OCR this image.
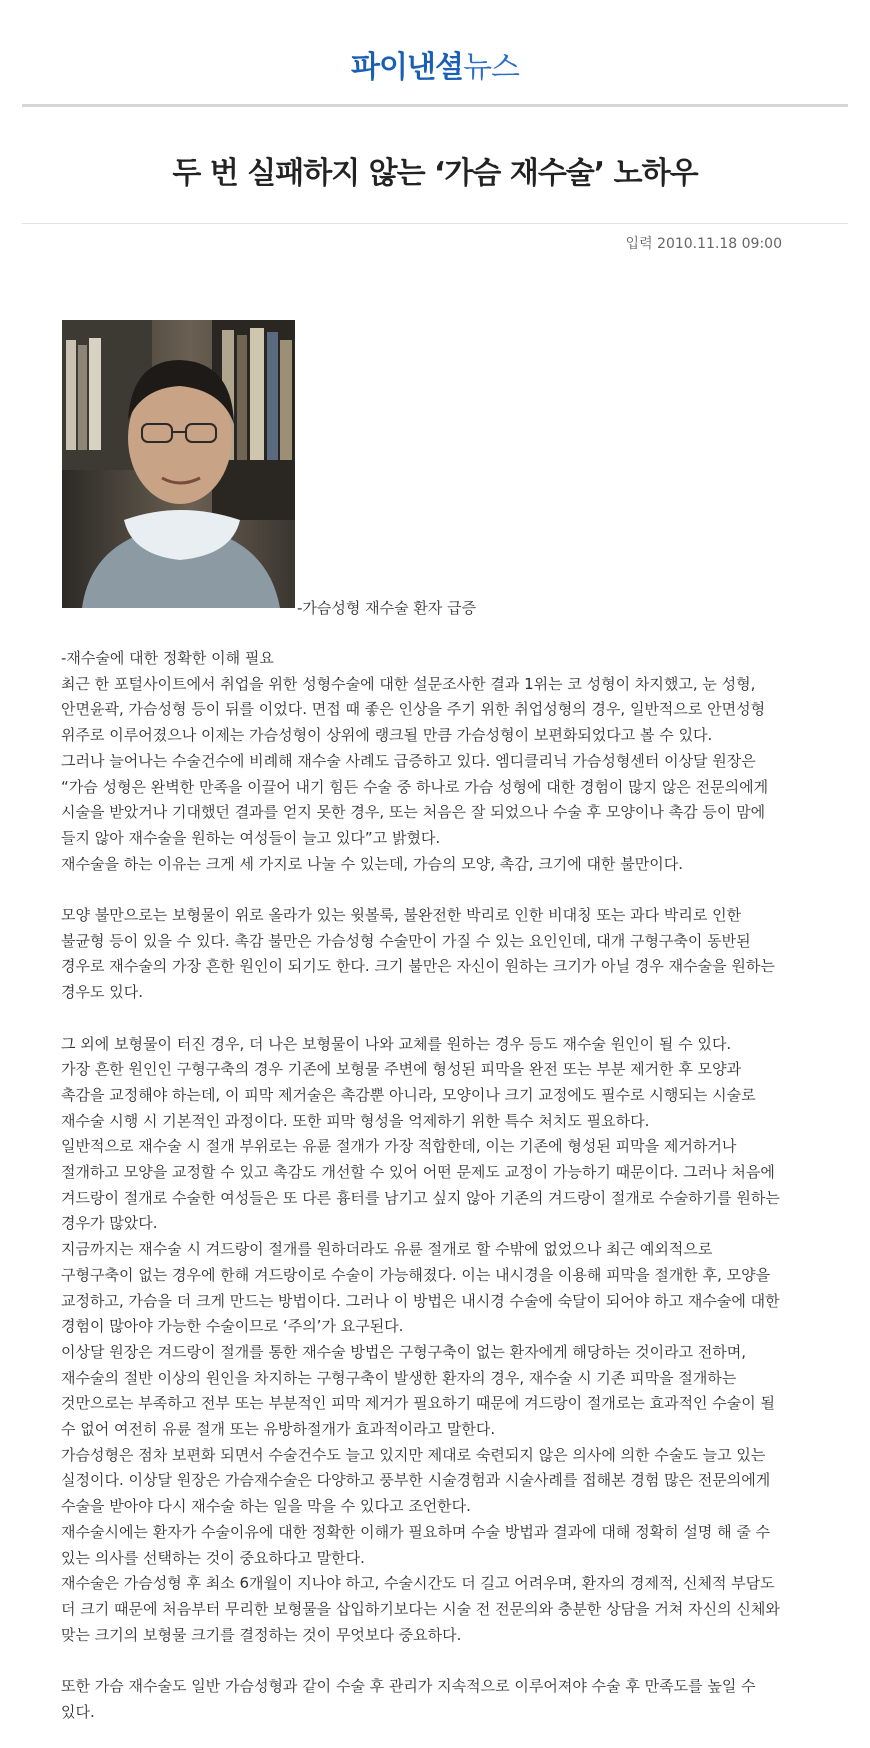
파이낸셜뉴스
두 번 실패하지 않는 ‘가슴 재수술’ 노하우
입력 2010.11.18 09:00
-가슴성형 재수술 환자 급증

-재수술에 대한 정확한 이해 필요

최근 한 포털사이트에서 취업을 위한 성형수술에 대한 설문조사한 결과 1위는 코 성형이 차지했고, 눈 성형,

안면윤곽, 가슴성형 등이 뒤를 이었다. 면접 때 좋은 인상을 주기 위한 취업성형의 경우, 일반적으로 안면성형

위주로 이루어졌으나 이제는 가슴성형이 상위에 랭크될 만큼 가슴성형이 보편화되었다고 볼 수 있다.

그러나 늘어나는 수술건수에 비례해 재수술 사례도 급증하고 있다. 엠디클리닉 가슴성형센터 이상달 원장은

“가슴 성형은 완벽한 만족을 이끌어 내기 힘든 수술 중 하나로 가슴 성형에 대한 경험이 많지 않은 전문의에게

시술을 받았거나 기대했던 결과를 얻지 못한 경우, 또는 처음은 잘 되었으나 수술 후 모양이나 촉감 등이 맘에

들지 않아 재수술을 원하는 여성들이 늘고 있다”고 밝혔다.

재수술을 하는 이유는 크게 세 가지로 나눌 수 있는데, 가슴의 모양, 촉감, 크기에 대한 불만이다.

모양 불만으로는 보형물이 위로 올라가 있는 윗볼룩, 불완전한 박리로 인한 비대칭 또는 과다 박리로 인한

불균형 등이 있을 수 있다. 촉감 불만은 가슴성형 수술만이 가질 수 있는 요인인데, 대개 구형구축이 동반된

경우로 재수술의 가장 흔한 원인이 되기도 한다. 크기 불만은 자신이 원하는 크기가 아닐 경우 재수술을 원하는

경우도 있다.

그 외에 보형물이 터진 경우, 더 나은 보형물이 나와 교체를 원하는 경우 등도 재수술 원인이 될 수 있다.

가장 흔한 원인인 구형구축의 경우 기존에 보형물 주변에 형성된 피막을 완전 또는 부분 제거한 후 모양과

촉감을 교정해야 하는데, 이 피막 제거술은 촉감뿐 아니라, 모양이나 크기 교정에도 필수로 시행되는 시술로

재수술 시행 시 기본적인 과정이다. 또한 피막 형성을 억제하기 위한 특수 처치도 필요하다.

일반적으로 재수술 시 절개 부위로는 유륜 절개가 가장 적합한데, 이는 기존에 형성된 피막을 제거하거나

절개하고 모양을 교정할 수 있고 촉감도 개선할 수 있어 어떤 문제도 교정이 가능하기 때문이다. 그러나 처음에

겨드랑이 절개로 수술한 여성들은 또 다른 흉터를 남기고 싶지 않아 기존의 겨드랑이 절개로 수술하기를 원하는

경우가 많았다.

지금까지는 재수술 시 겨드랑이 절개를 원하더라도 유륜 절개로 할 수밖에 없었으나 최근 예외적으로

구형구축이 없는 경우에 한해 겨드랑이로 수술이 가능해졌다. 이는 내시경을 이용해 피막을 절개한 후, 모양을

교정하고, 가슴을 더 크게 만드는 방법이다. 그러나 이 방법은 내시경 수술에 숙달이 되어야 하고 재수술에 대한

경험이 많아야 가능한 수술이므로 ‘주의’가 요구된다.

이상달 원장은 겨드랑이 절개를 통한 재수술 방법은 구형구축이 없는 환자에게 해당하는 것이라고 전하며,

재수술의 절반 이상의 원인을 차지하는 구형구축이 발생한 환자의 경우, 재수술 시 기존 피막을 절개하는

것만으로는 부족하고 전부 또는 부분적인 피막 제거가 필요하기 때문에 겨드랑이 절개로는 효과적인 수술이 될

수 없어 여전히 유륜 절개 또는 유방하절개가 효과적이라고 말한다.

가슴성형은 점차 보편화 되면서 수술건수도 늘고 있지만 제대로 숙련되지 않은 의사에 의한 수술도 늘고 있는

실정이다. 이상달 원장은 가슴재수술은 다양하고 풍부한 시술경험과 시술사례를 접해본 경험 많은 전문의에게

수술을 받아야 다시 재수술 하는 일을 막을 수 있다고 조언한다.

재수술시에는 환자가 수술이유에 대한 정확한 이해가 필요하며 수술 방법과 결과에 대해 정확히 설명 해 줄 수

있는 의사를 선택하는 것이 중요하다고 말한다.

재수술은 가슴성형 후 최소 6개월이 지나야 하고, 수술시간도 더 길고 어려우며, 환자의 경제적, 신체적 부담도

더 크기 때문에 처음부터 무리한 보형물을 삽입하기보다는 시술 전 전문의와 충분한 상담을 거쳐 자신의 신체와

맞는 크기의 보형물 크기를 결정하는 것이 무엇보다 중요하다.

또한 가슴 재수술도 일반 가슴성형과 같이 수술 후 관리가 지속적으로 이루어져야 수술 후 만족도를 높일 수

있다.
